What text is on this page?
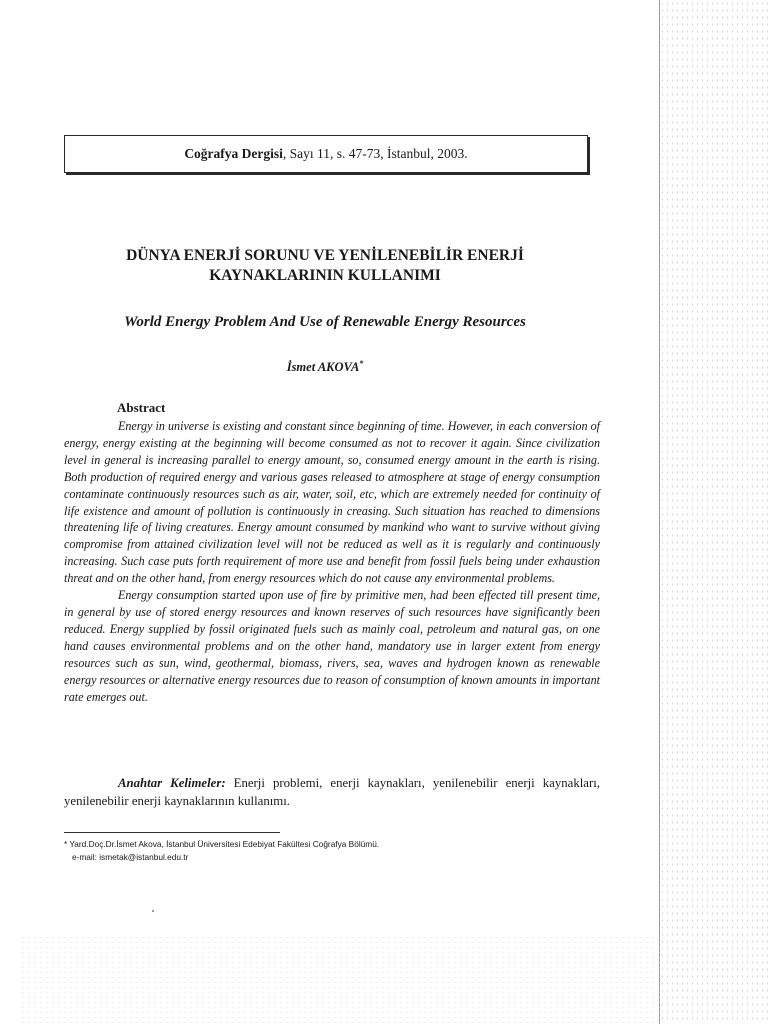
Coğrafya Dergisi , Sayı 11, s. 47-73, İstanbul, 2003.
DÜNYA ENERJİ SORUNU VE YENİLENEBİLİR ENERJİ
KAYNAKLARININ KULLANIMI
World Energy Problem And Use of Renewable Energy Resources
İsmet AKOVA*
Abstract

Energy in universe is existing and constant since beginning of time. However, in each conversion of energy, energy existing at the beginning will become consumed as not to recover it again. Since civilization level in general is increasing parallel to energy amount, so, consumed energy amount in the earth is rising. Both production of required energy and various gases released to atmosphere at stage of energy consumption contaminate continuously resources such as air, water, soil, etc, which are extremely needed for continuity of life existence and amount of pollution is continuously in creasing. Such situation has reached to dimensions threatening life of living creatures. Energy amount consumed by mankind who want to survive without giving compromise from attained civilization level will not be reduced as well as it is regularly and continuously increasing. Such case puts forth requirement of more use and benefit from fossil fuels being under exhaustion threat and on the other hand, from energy resources which do not cause any environmental problems.

Energy consumption started upon use of fire by primitive men, had been effected till present time, in general by use of stored energy resources and known reserves of such resources have significantly been reduced. Energy supplied by fossil originated fuels such as mainly coal, petroleum and natural gas, on one hand causes environmental problems and on the other hand, mandatory use in larger extent from energy resources such as sun, wind, geothermal, biomass, rivers, sea, waves and hydrogen known as renewable energy resources or alternative energy resources due to reason of consumption of known amounts in important rate emerges out.

Anahtar Kelimeler: Enerji problemi, enerji kaynakları, yenilenebilir enerji kaynakları, yenilenebilir enerji kaynaklarının kullanımı.
* Yard.Doç.Dr.İsmet Akova, İstanbul Üniversitesi Edebiyat Fakültesi Coğrafya Bölümü.
e-mail: ismetak@istanbul.edu.tr
